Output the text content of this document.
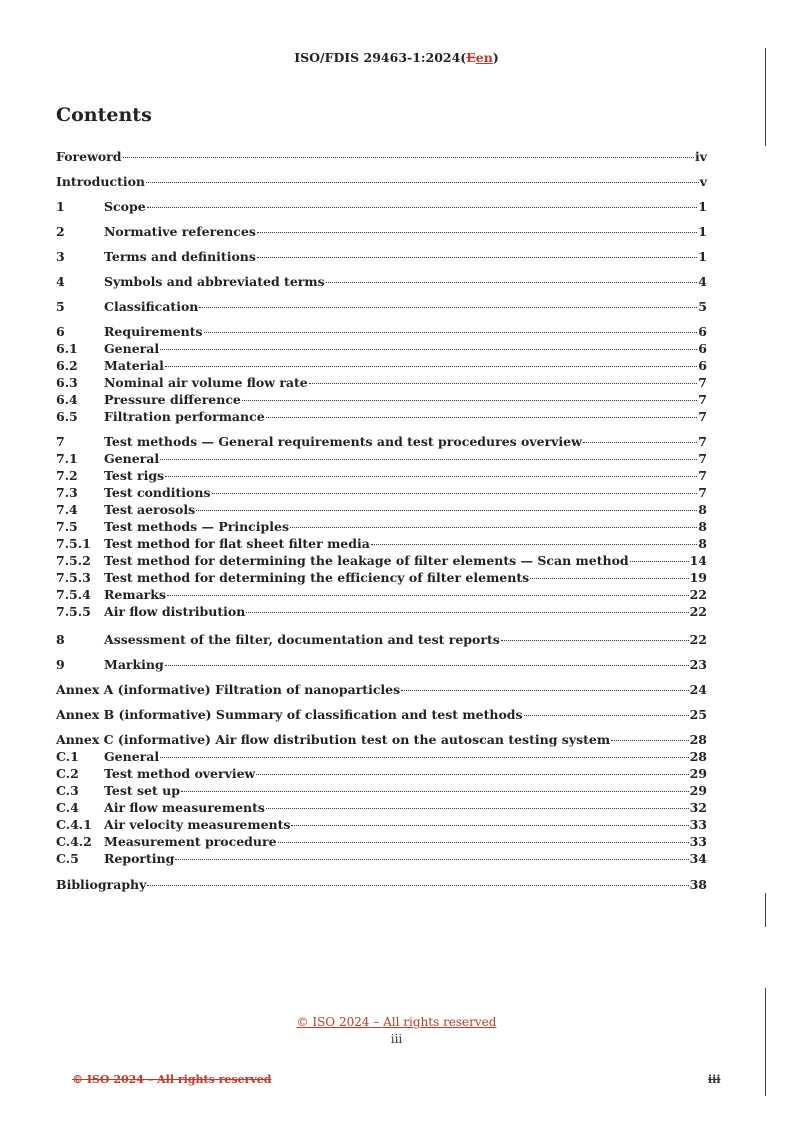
ISO/FDIS 29463-1:2024(Een)
Contents
Foreword	iv
Introduction	v
1	Scope	1
2	Normative references	1
3	Terms and definitions	1
4	Symbols and abbreviated terms	4
5	Classification	5
6	Requirements	6
6.1	General	6
6.2	Material	6
6.3	Nominal air volume flow rate	7
6.4	Pressure difference	7
6.5	Filtration performance	7
7	Test methods — General requirements and test procedures overview	7
7.1	General	7
7.2	Test rigs	7
7.3	Test conditions	7
7.4	Test aerosols	8
7.5	Test methods — Principles	8
7.5.1	Test method for flat sheet filter media	8
7.5.2	Test method for determining the leakage of filter elements — Scan method	14
7.5.3	Test method for determining the efficiency of filter elements	19
7.5.4	Remarks	22
7.5.5	Air flow distribution	22
8	Assessment of the filter, documentation and test reports	22
9	Marking	23
Annex A (informative) Filtration of nanoparticles	24
Annex B (informative) Summary of classification and test methods	25
Annex C (informative) Air flow distribution test on the autoscan testing system	28
C.1	General	28
C.2	Test method overview	29
C.3	Test set up	29
C.4	Air flow measurements	32
C.4.1 Air velocity measurements	33
C.4.2 Measurement procedure	33
C.5	Reporting	34
Bibliography	38
© ISO 2024 – All rights reserved
iii
© ISO 2024 – All rights reserved	iii
